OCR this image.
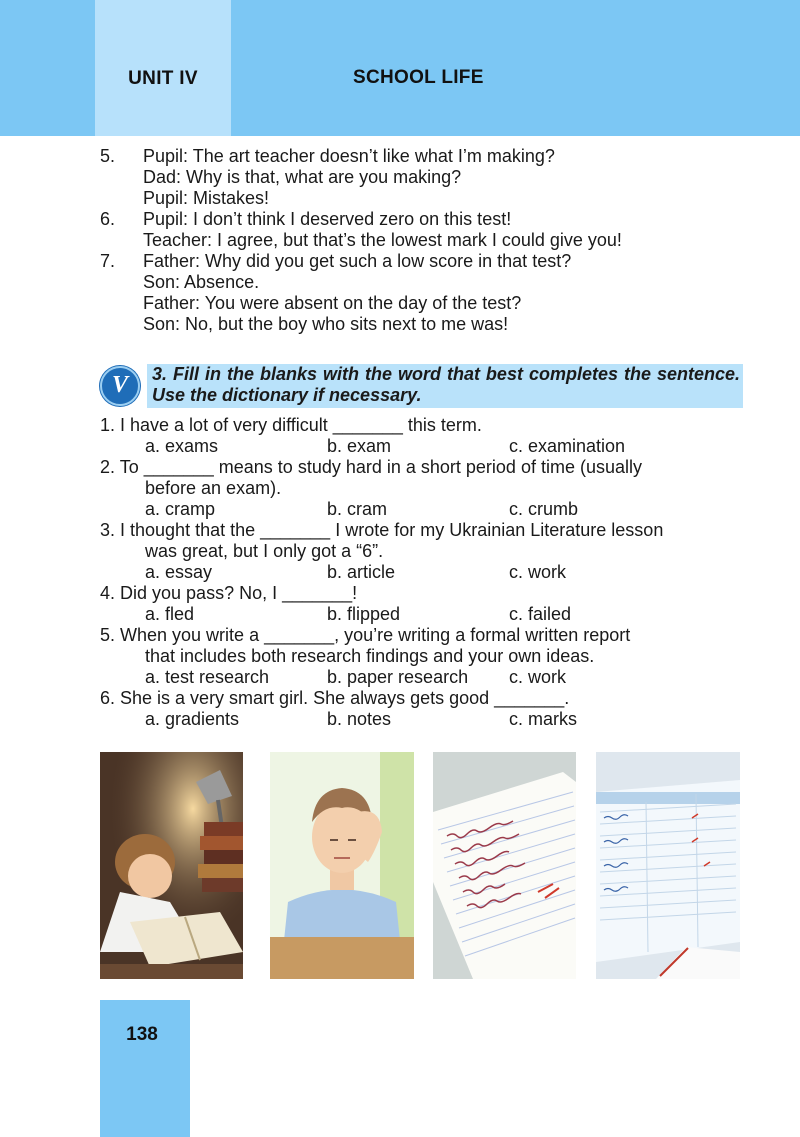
UNIT IV	SCHOOL LIFE
5. Pupil: The art teacher doesn’t like what I’m making?
Dad: Why is that, what are you making?
Pupil: Mistakes!
6. Pupil: I don’t think I deserved zero on this test!
Teacher: I agree, but that’s the lowest mark I could give you!
7. Father: Why did you get such a low score in that test?
Son: Absence.
Father: You were absent on the day of the test?
Son: No, but the boy who sits next to me was!
V	3. Fill in the blanks with the word that best completes the sentence. Use the dictionary if necessary.
1. I have a lot of very difficult _______ this term.
a. exams	b. exam	c. examination
2. To _______ means to study hard in a short period of time (usually
before an exam).
a. cramp	b. cram	c. crumb
3. I thought that the _______ I wrote for my Ukrainian Literature lesson
was great, but I only got a “6”.
a. essay	b. article	c. work
4. Did you pass? No, I _______!
a. fled	b. flipped	c. failed
5. When you write a _______, you’re writing a formal written report
that includes both research findings and your own ideas.
a. test research	b. paper research c. work
6. She is a very smart girl. She always gets good _______.
a. gradients	b. notes	c. marks
138
